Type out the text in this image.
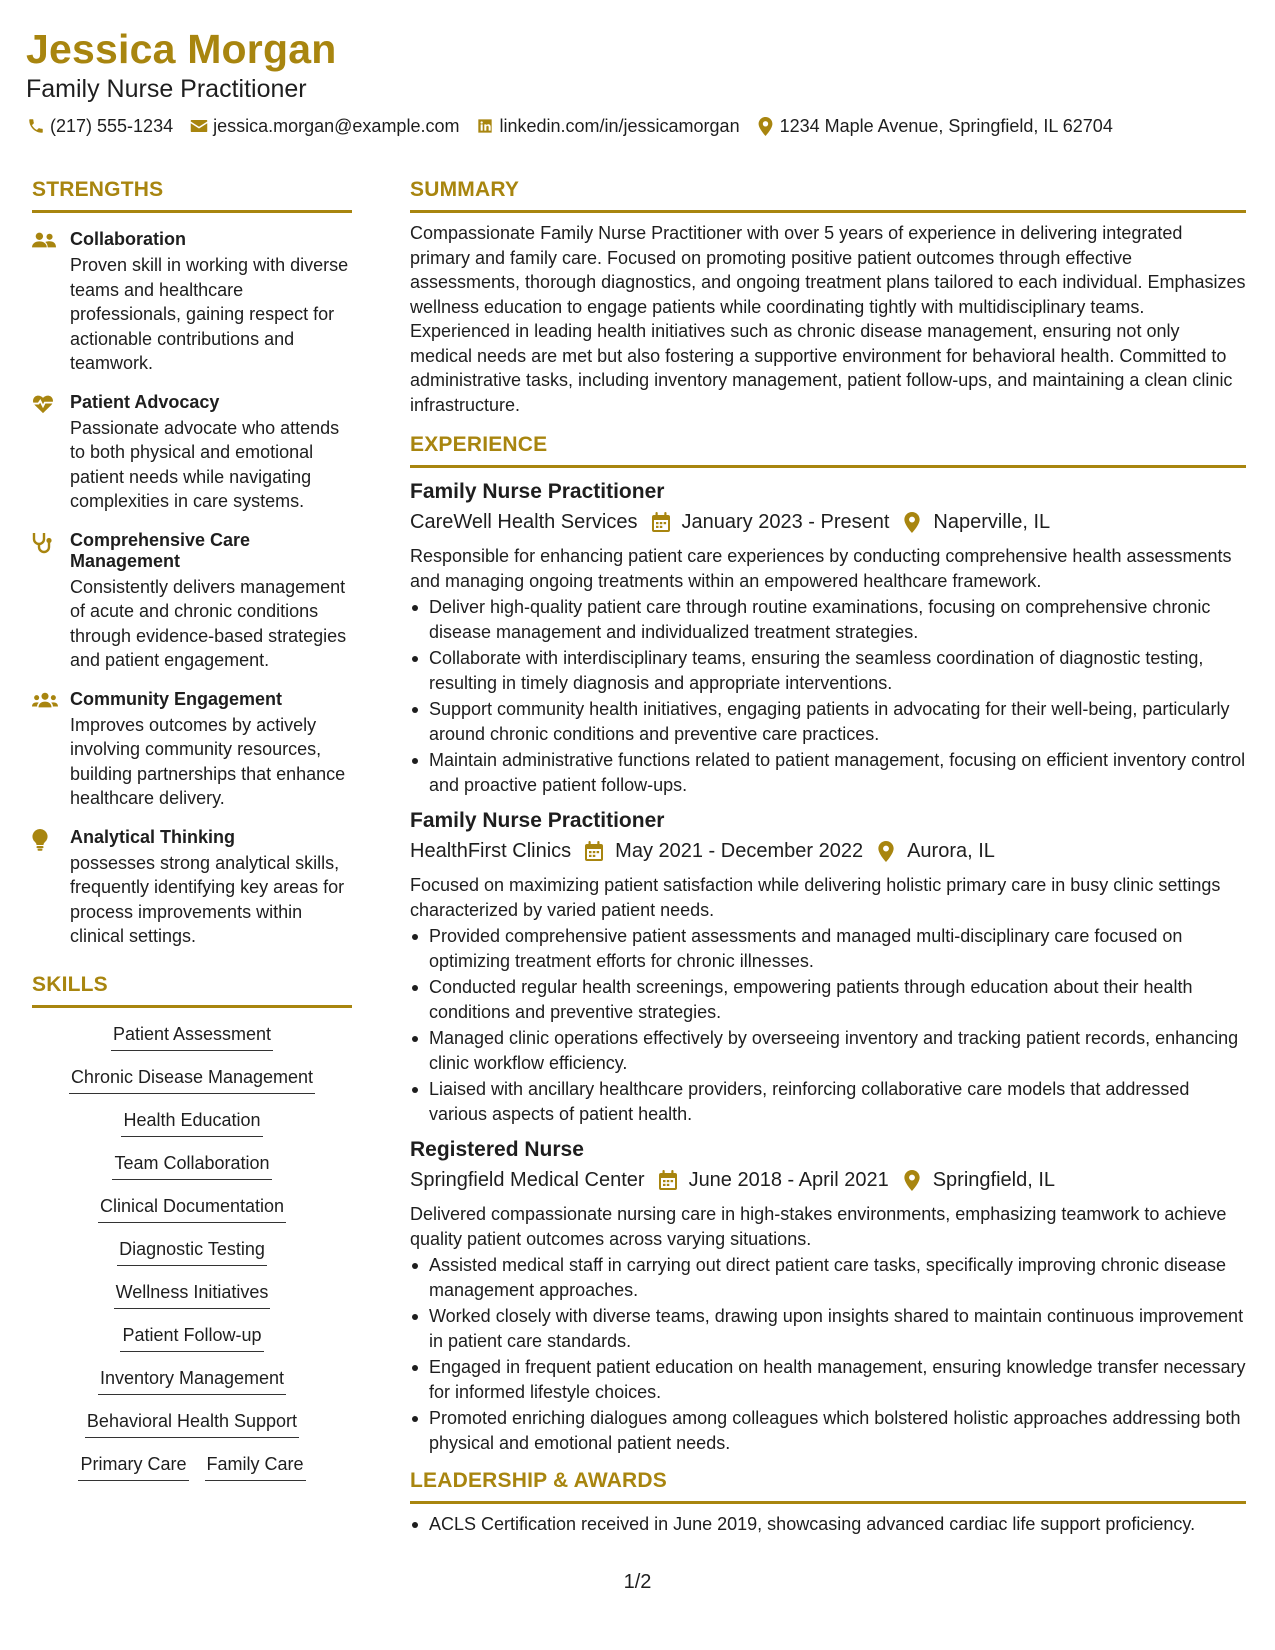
Jessica Morgan
Family Nurse Practitioner
(217) 555-1234 jessica.morgan@example.com linkedin.com/in/jessicamorgan 1234 Maple Avenue, Springfield, IL 62704
STRENGTHS
Collaboration
Proven skill in working with diverse teams and healthcare professionals, gaining respect for actionable contributions and teamwork.
Patient Advocacy
Passionate advocate who attends to both physical and emotional patient needs while navigating complexities in care systems.
Comprehensive Care Management
Consistently delivers management of acute and chronic conditions through evidence-based strategies and patient engagement.
Community Engagement
Improves outcomes by actively involving community resources, building partnerships that enhance healthcare delivery.
Analytical Thinking
possesses strong analytical skills, frequently identifying key areas for process improvements within clinical settings.
SKILLS
Patient Assessment
Chronic Disease Management
Health Education
Team Collaboration
Clinical Documentation
Diagnostic Testing
Wellness Initiatives
Patient Follow-up
Inventory Management
Behavioral Health Support
Primary Care Family Care
SUMMARY
Compassionate Family Nurse Practitioner with over 5 years of experience in delivering integrated primary and family care. Focused on promoting positive patient outcomes through effective assessments, thorough diagnostics, and ongoing treatment plans tailored to each individual. Emphasizes wellness education to engage patients while coordinating tightly with multidisciplinary teams. Experienced in leading health initiatives such as chronic disease management, ensuring not only medical needs are met but also fostering a supportive environment for behavioral health. Committed to administrative tasks, including inventory management, patient follow-ups, and maintaining a clean clinic infrastructure.
EXPERIENCE
Family Nurse Practitioner
CareWell Health Services January 2023 - Present Naperville, IL
Responsible for enhancing patient care experiences by conducting comprehensive health assessments and managing ongoing treatments within an empowered healthcare framework.
Deliver high-quality patient care through routine examinations, focusing on comprehensive chronic disease management and individualized treatment strategies.
Collaborate with interdisciplinary teams, ensuring the seamless coordination of diagnostic testing, resulting in timely diagnosis and appropriate interventions.
Support community health initiatives, engaging patients in advocating for their well-being, particularly around chronic conditions and preventive care practices.
Maintain administrative functions related to patient management, focusing on efficient inventory control and proactive patient follow-ups.
Family Nurse Practitioner
HealthFirst Clinics May 2021 - December 2022 Aurora, IL
Focused on maximizing patient satisfaction while delivering holistic primary care in busy clinic settings characterized by varied patient needs.
Provided comprehensive patient assessments and managed multi-disciplinary care focused on optimizing treatment efforts for chronic illnesses.
Conducted regular health screenings, empowering patients through education about their health conditions and preventive strategies.
Managed clinic operations effectively by overseeing inventory and tracking patient records, enhancing clinic workflow efficiency.
Liaised with ancillary healthcare providers, reinforcing collaborative care models that addressed various aspects of patient health.
Registered Nurse
Springfield Medical Center June 2018 - April 2021 Springfield, IL
Delivered compassionate nursing care in high-stakes environments, emphasizing teamwork to achieve quality patient outcomes across varying situations.
Assisted medical staff in carrying out direct patient care tasks, specifically improving chronic disease management approaches.
Worked closely with diverse teams, drawing upon insights shared to maintain continuous improvement in patient care standards.
Engaged in frequent patient education on health management, ensuring knowledge transfer necessary for informed lifestyle choices.
Promoted enriching dialogues among colleagues which bolstered holistic approaches addressing both physical and emotional patient needs.
LEADERSHIP & AWARDS
ACLS Certification received in June 2019, showcasing advanced cardiac life support proficiency.
1/2
